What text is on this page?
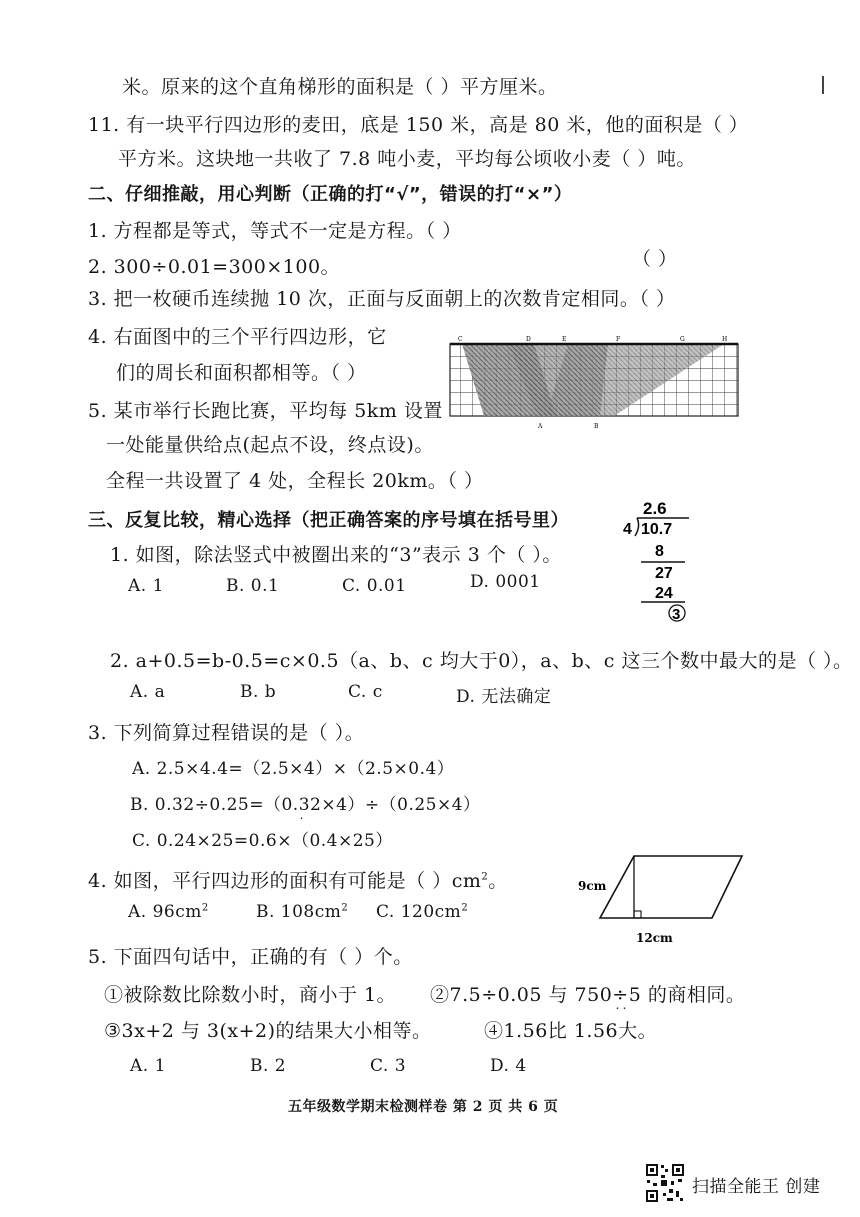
米。原来的这个直角梯形的面积是（ ）平方厘米。
11. 有一块平行四边形的麦田，底是 150 米，高是 80 米，他的面积是（ ）
平方米。这块地一共收了 7.8 吨小麦，平均每公顷收小麦（ ）吨。
二、仔细推敲，用心判断（正确的打“√”，错误的打“×”）
1. 方程都是等式，等式不一定是方程。（ ）
2. 300÷0.01=300×100。	（ ）
3. 把一枚硬币连续抛 10 次，正面与反面朝上的次数肯定相同。（ ）
4. 右面图中的三个平行四边形，它
们的周长和面积都相等。（ ）
5. 某市举行长跑比赛，平均每 5km 设置
一处能量供给点(起点不设，终点设)。
全程一共设置了 4 处，全程长 20km。（ ）
C	D	E	F	G	H
A	B
三、反复比较，精心选择（把正确答案的序号填在括号里）
1. 如图，除法竖式中被圈出来的“3”表示 3 个（ ）。
A. 1	B. 0.1	C. 0.01	D. 0001
2.6
4 10.7
8
27
24
3
2. a+0.5=b-0.5=c×0.5（a、b、c 均大于0），a、b、c 这三个数中最大的是（ ）。
A. a	B. b	C. c	D. 无法确定
3. 下列简算过程错误的是（ ）。
A. 2.5×4.4=（2.5×4）×（2.5×0.4）
B. 0.32÷0.25=（0.32×4）÷（0.25×4）
C. 0.24×25=0.6×（0.4×25）
˙
4. 如图，平行四边形的面积有可能是（ ）$cm^2$。
A. $96cm^2$	B. $108cm^2$ C. $120cm^2$
9cm
12cm
5. 下面四句话中，正确的有（ ）个。
①被除数比除数小时，商小于 1。 ②7.5÷0.05 与 750÷5 的商相同。
③3x+2 与 3(x+2)的结果大小相等。	④1.56比 1.56大。
˙˙
A. 1	B. 2	C. 3	D. 4
五年级数学期末检测样卷 第 2 页 共 6 页
扫描全能王 创建
